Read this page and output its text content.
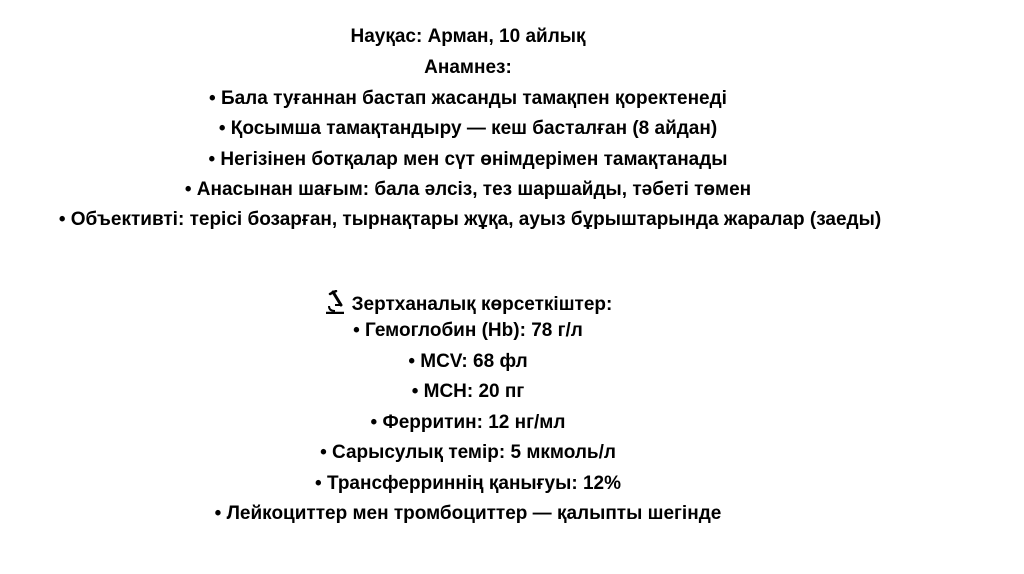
Науқас: Арман, 10 айлық
Анамнез:
• Бала туғаннан бастап жасанды тамақпен қоректенеді
• Қосымша тамақтандыру — кеш басталған (8 айдан)
• Негізінен ботқалар мен сүт өнімдерімен тамақтанады
• Анасынан шағым: бала әлсіз, тез шаршайды, тәбеті төмен
• Объективті: терісі бозарған, тырнақтары жұқа, ауыз бұрыштарында жаралар (заеды)
Зертханалық көрсеткіштер:
• Гемоглобин (Hb): 78 г/л
• MCV: 68 фл
• MCH: 20 пг
• Ферритин: 12 нг/мл
• Сарысулық темір: 5 мкмоль/л
• Трансферриннің қанығуы: 12%
• Лейкоциттер мен тромбоциттер — қалыпты шегінде
